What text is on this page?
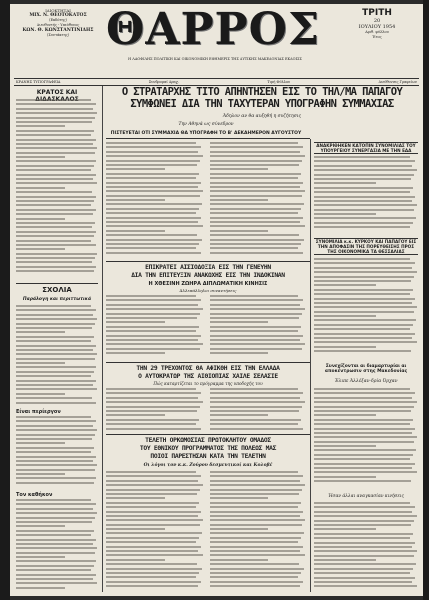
ΙΔΙΟΚΤΗΤΑΙ
ΜΙΧ. Ν. ΘΕΟΤΟΚΑΤΟΣ
(Εκδότης)
Διευθυντής - Υπεύθυνος
ΚΩΝ. Θ. ΚΩΝΣΤΑΝΤΙΝΙΔΗΣ
(Συντάκτης) ΘΑΡΡΟΣ
Η ΛΑΟΦΙΛΗΣ ΠΟΛΙΤΙΚΗ ΚΑΙ ΟΙΚΟΝΟΜΙΚΗ ΕΦΗΜΕΡΙΣ ΤΗΣ ΔΥΤΙΚΗΣ ΜΑΚΕΔΟΝΙΑΣ ΕΚΔΟΣΙΣ
ΤΡΙΤΗ
20
ΙΟΥΛΙΟΥ 1954
Αριθ. φύλλου
Έτος
ΚΡΑΝΗΣ ΤΥΠΟΓΡΑΦΕΙΑ	Συνδρομαί Δραχ.	Τιμή Φύλλου	Διεύθυνσις Γραφείων
ΚΡΑΤΟΣ ΚΑΙ
ΣΧΟΛΙΑ
Παράλογη και περιττωτικά
Είναι περίεργον
Τον καθήκον
Ο ΣΤΡΑΤΑΡΧΗΣ ΤΙΤΟ ΑΠΗΝΤΗΣΕΝ ΕΙΣ ΤΟ ΤΗΛ/ΜΑ ΠΑΠΑΓΟΥ
ΣΥΜΦΩΝΕΙ ΔΙΑ ΤΗΝ ΤΑΧΥΤΕΡΑΝ ΥΠΟΓΡΑΦΗΝ ΣΥΜΜΑΧΙΑΣ
Άδηλον αν θα αυξηθή η συζήτησις
Την Αθηνά ως σύνεδρον
ΠΙΣΤΕΥΕΤΑΙ ΟΤΙ ΣΥΜΜΑΧΙΑ ΘΑ ΥΠΟΓΡΑΦΗ ΤΟ Β' ΔΕΚΑΗΜΕΡΟΝ ΑΥΓΟΥΣΤΟΥ
ΕΠΙΚΡΑΤΕΙ ΑΙΣΙΟΔΟΞΙΑ ΕΙΣ ΤΗΝ ΓΕΝΕΥΗΝ
ΔΙΑ ΤΗΝ ΕΠΙΤΕΥΞΙΝ ΑΝΑΚΩΧΗΣ ΕΙΣ ΤΗΝ ΙΝΔΟΚΙΝΑΝ
Η ΧΘΕΣΙΝΗ ΖΩΗΡΑ ΔΙΠΛΩΜΑΤΙΚΗ ΚΙΝΗΣΙΣ
Άλλεπάλληλοι συναντήσεις
ΤΗΝ 29 ΤΡΕΧΟΝΤΟΣ ΘΑ ΑΦΙΚΘΗ ΕΙΣ ΤΗΝ ΕΛΛΑΔΑ
Ο ΑΥΤΟΚΡΑΤΩΡ ΤΗΣ ΑΙΘΙΟΠΙΑΣ ΧΑΙΛΕ ΣΕΛΑΣΙΕ
Πώς καταρτίζεται το πρόγραμμα της υποδοχής του
ΤΕΛΕΤΗ ΟΡΚΩΜΟΣΙΑΣ ΠΡΩΤΟΚΛΗΤΟΥ ΟΜΑΔΟΣ
ΤΟΥ ΕΘΝΙΚΟΥ ΠΡΟΓΡΑΜΜΑΤΟΣ ΤΗΣ ΠΟΛΕΩΣ ΜΑΣ
ΠΟΙΟΙ ΠΑΡΕΣΤΗΣΑΝ ΚΑΤΑ ΤΗΝ ΤΕΛΕΤΗΝ
Οι λόγοι τον κ.κ. Ζούρου δεσμευτικοί και Κολοβέ
ΑΝΑΚΡΙΘΗΚΕΝ ΚΑΤΟΠΙΝ ΣΥΝΟΜΙΛΙΑΣ ΤΟΥ ΥΠΟΥΡΓΕΙΟΥ ΣΥΝΕΡΓΑΣΙΑ ΜΕ ΤΗΝ ΕΔΑ
ΣΥΝΟΜΙΛΙΑ κ.κ. ΚΥΡΚΟΥ ΚΑΙ ΠΑΠΑΓΟΥ ΕΙΣ ΤΗΝ ΑΠΟΦΑΣΙΝ ΤΗΣ ΠΟΡΕΥΘΕΙΣΗΣ ΠΡΟΣ ΤΗΣ ΟΙΚΟΝΟΜΙΚΑ ΤΑ ΘΕΣΣΑΛΙΑΣ
Συνεχίζονται αι διαμαρτυρίαι αι αποκέντρωσιν στης Μακεδονίας
Έλιπε Άλλέξαν-δρία Όρχαν
Ήσαν άλλαι αναγκασίαν κινήσεις
